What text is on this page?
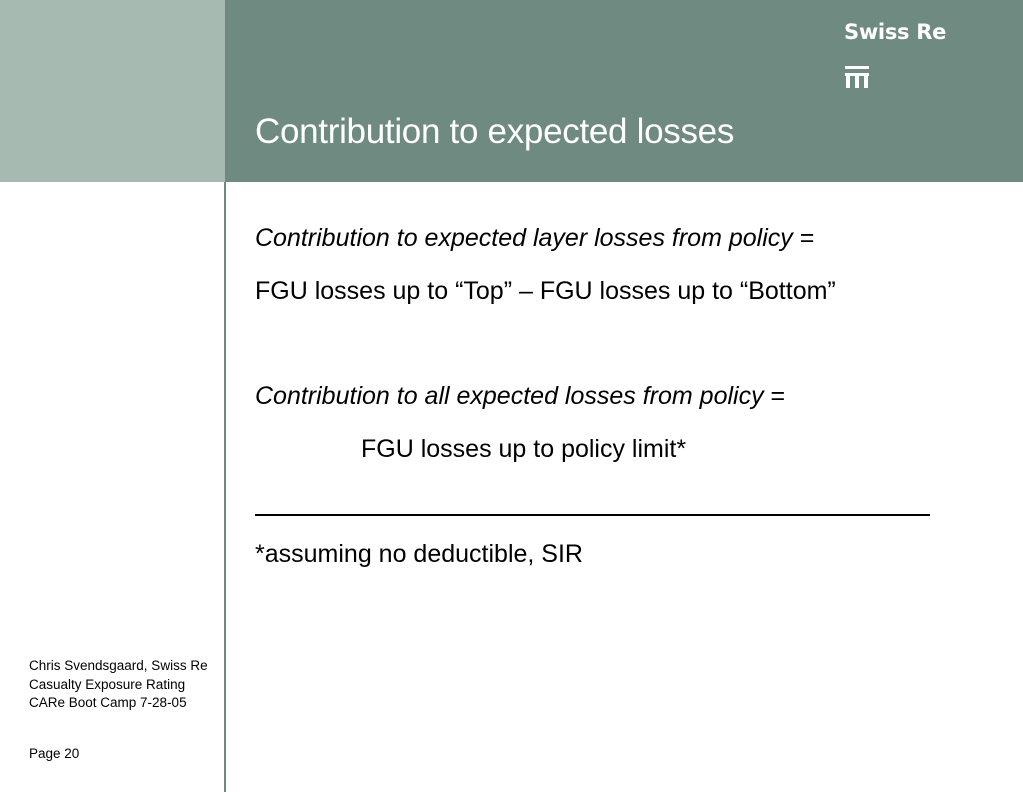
Swiss Re
Contribution to expected losses
Contribution to expected layer losses from policy =
FGU losses up to “Top” – FGU losses up to “Bottom”
Contribution to all expected losses from policy =
FGU losses up to policy limit*
*assuming no deductible, SIR
Chris Svendsgaard, Swiss Re
Casualty Exposure Rating
CARe Boot Camp 7-28-05
Page 20
